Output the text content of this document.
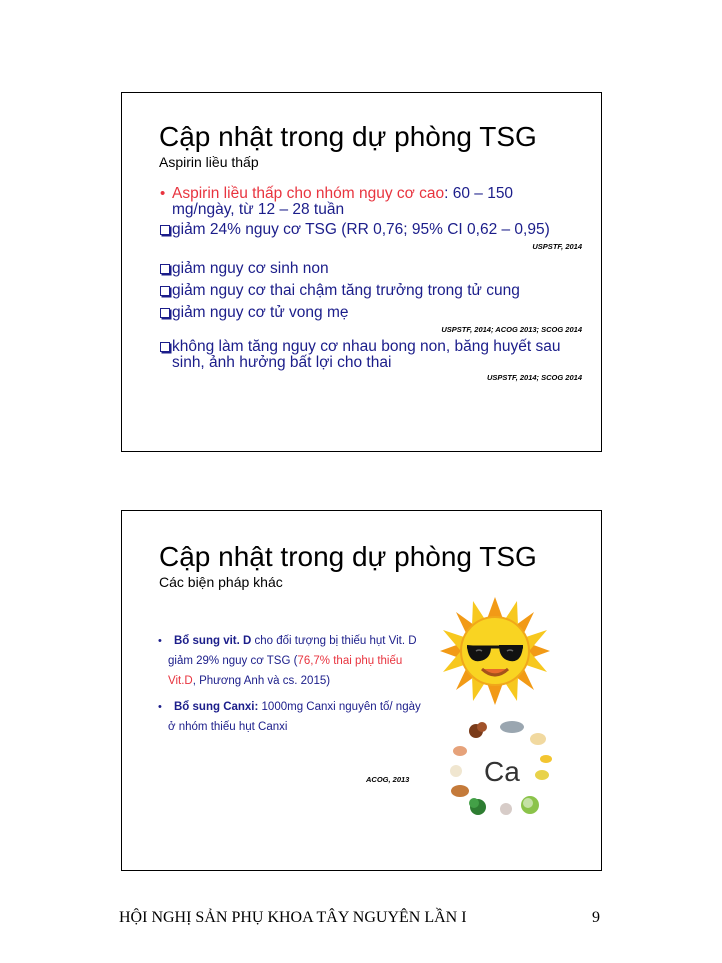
Cập nhật trong dự phòng TSG
Aspirin liều thấp
• Aspirin liều thấp cho nhóm nguy cơ cao: 60 – 150 mg/ngày, từ 12 – 28 tuần
giảm 24% nguy cơ TSG (RR 0,76; 95% CI 0,62 – 0,95)
USPSTF, 2014
giảm nguy cơ sinh non
giảm nguy cơ thai chậm tăng trưởng trong tử cung
giảm nguy cơ tử vong mẹ
USPSTF, 2014; ACOG 2013; SCOG 2014
không làm tăng nguy cơ nhau bong non, băng huyết sau sinh, ảnh hưởng bất lợi cho thai
USPSTF, 2014; SCOG 2014
Cập nhật trong dự phòng TSG
Các biện pháp khác
• Bổ sung vit. D cho đối tượng bị thiếu hụt Vit. D giảm 29% nguy cơ TSG (76,7% thai phụ thiếu Vit.D, Phương Anh và cs. 2015)
• Bổ sung Canxi: 1000mg Canxi nguyên tố/ ngày ở nhóm thiếu hụt Canxi
ACOG, 2013	Ca
HỘI NGHỊ SẢN PHỤ KHOA TÂY NGUYÊN LẦN I	9
